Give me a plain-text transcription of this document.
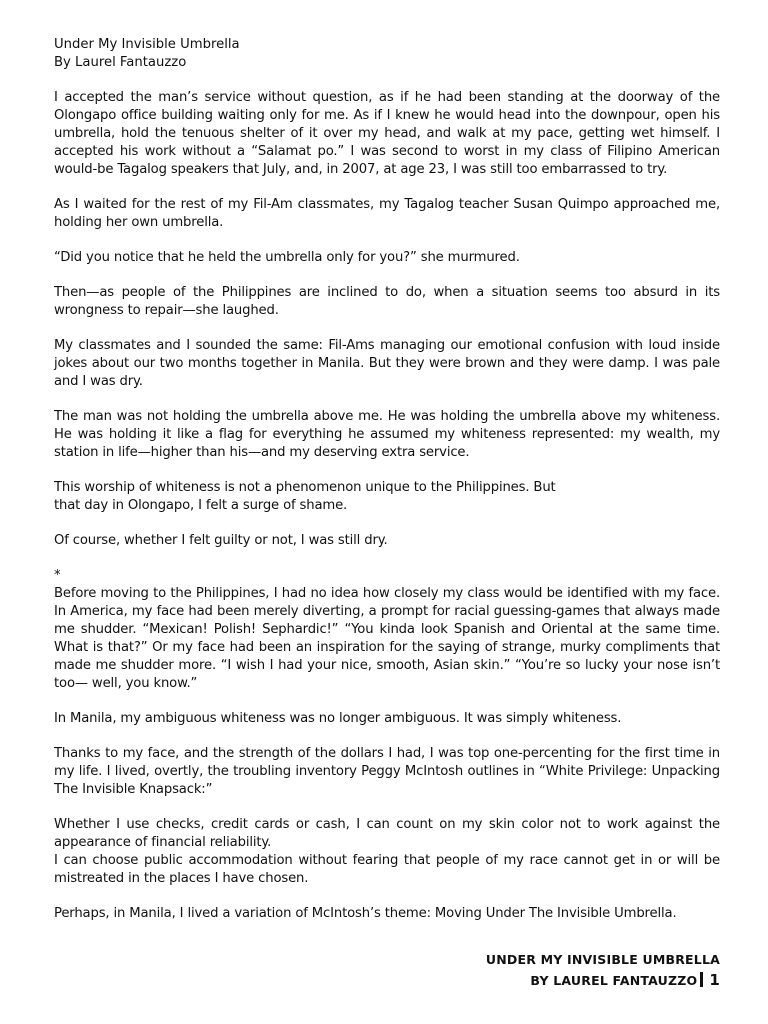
Under My Invisible Umbrella

By Laurel Fantauzzo

I accepted the man’s service without question, as if he had been standing at the doorway of the Olongapo office building waiting only for me. As if I knew he would head into the downpour, open his umbrella, hold the tenuous shelter of it over my head, and walk at my pace, getting wet himself. I accepted his work without a “Salamat po.” I was second to worst in my class of Filipino American would-be Tagalog speakers that July, and, in 2007, at age 23, I was still too embarrassed to try.

As I waited for the rest of my Fil-Am classmates, my Tagalog teacher Susan Quimpo approached me, holding her own umbrella.

“Did you notice that he held the umbrella only for you?” she murmured.

Then—as people of the Philippines are inclined to do, when a situation seems too absurd in its wrongness to repair—she laughed.

My classmates and I sounded the same: Fil-Ams managing our emotional confusion with loud inside jokes about our two months together in Manila. But they were brown and they were damp. I was pale and I was dry.

The man was not holding the umbrella above me. He was holding the umbrella above my whiteness. He was holding it like a flag for everything he assumed my whiteness represented: my wealth, my station in life—higher than his—and my deserving extra service.

This worship of whiteness is not a phenomenon unique to the Philippines. But

that day in Olongapo, I felt a surge of shame.

Of course, whether I felt guilty or not, I was still dry.

*

Before moving to the Philippines, I had no idea how closely my class would be identified with my face. In America, my face had been merely diverting, a prompt for racial guessing-games that always made me shudder. “Mexican! Polish! Sephardic!” “You kinda look Spanish and Oriental at the same time. What is that?” Or my face had been an inspiration for the saying of strange, murky compliments that made me shudder more. “I wish I had your nice, smooth, Asian skin.” “You’re so lucky your nose isn’t too— well, you know.”

In Manila, my ambiguous whiteness was no longer ambiguous. It was simply whiteness.

Thanks to my face, and the strength of the dollars I had, I was top one-percenting for the first time in my life. I lived, overtly, the troubling inventory Peggy McIntosh outlines in “White Privilege: Unpacking The Invisible Knapsack:”

Whether I use checks, credit cards or cash, I can count on my skin color not to work against the appearance of financial reliability.

I can choose public accommodation without fearing that people of my race cannot get in or will be mistreated in the places I have chosen.

Perhaps, in Manila, I lived a variation of McIntosh’s theme: Moving Under The Invisible Umbrella.

UNDER MY INVISIBLE UMBRELLA
BY LAUREL FANTAUZZO 1
